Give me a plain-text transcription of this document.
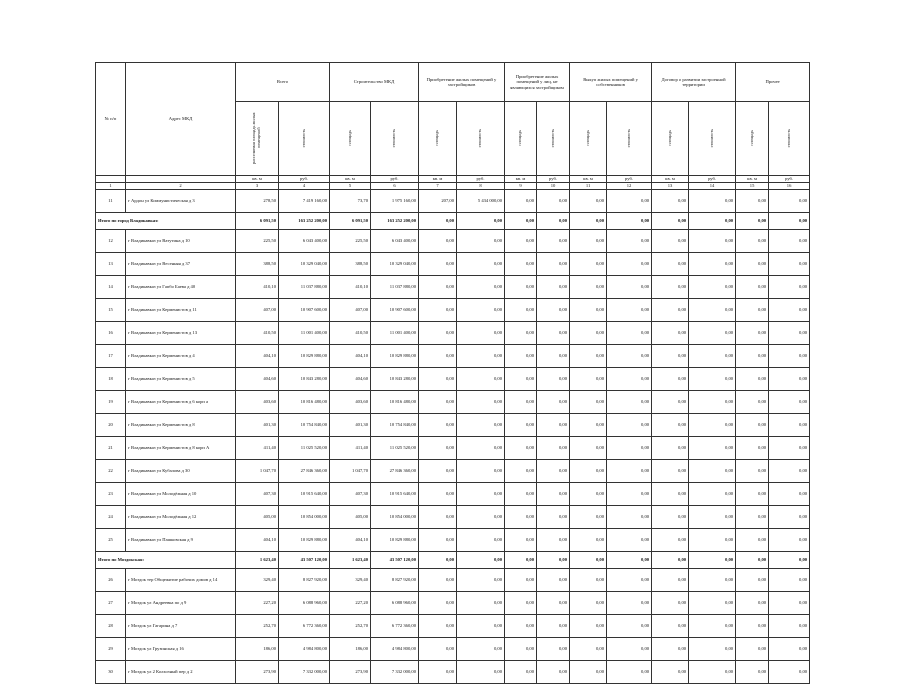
№ п/п	Адрес МКД	Всего		Строительство МКД		Приобретение жилых помещений у застройщиков		Приобретение жилых помещений у лиц, не являющихся застройщиком		Выкуп жилых помещений у собственников		Договор о развитии застроенной территории		Прочее	
		расселяемая площадь жилых помещений	стоимость	площадь	стоимость	площадь	стоимость	площадь	стоимость	площадь	стоимость	площадь	стоимость	площадь	стоимость
		кв. м	руб.	кв. м	руб.	кв. м	руб.	кв. м	руб.	кв. м	руб.	кв. м	руб.	кв. м	руб.
1	2	3	4	5	6	7	8	9	10	11	12	13	14	15	16
11	г Ардон ул Коммунистическая д 3	278,50	7 419 160,00	73,70	1 975 160,00	207,00	5 434 000,00	0,00	0,00	0,00	0,00	0,00	0,00	0,00	0,00
Итого по город Владикавказ:		6 091,50	163 252 200,00	6 091,50	163 252 200,00	0,00	0,00	0,00	0,00	0,00	0,00	0,00	0,00	0,00	0,00
12	г Владикавказ ул Ватутина д 10	225,50	6 043 400,00	225,50	6 043 400,00	0,00	0,00	0,00	0,00	0,00	0,00	0,00	0,00	0,00	0,00
13	г Владикавказ ул Весенняя д 37	388,50	10 329 040,00	388,50	10 329 040,00	0,00	0,00	0,00	0,00	0,00	0,00	0,00	0,00	0,00	0,00
14	г Владикавказ ул Гапбо Баева д 40	410,10	11 037 880,00	410,10	11 037 880,00	0,00	0,00	0,00	0,00	0,00	0,00	0,00	0,00	0,00	0,00
15	г Владикавказ ул Керменистов д 11	407,00	10 907 600,00	407,00	10 907 600,00	0,00	0,00	0,00	0,00	0,00	0,00	0,00	0,00	0,00	0,00
16	г Владикавказ ул Керменистов д 13	410,50	11 001 400,00	410,50	11 001 400,00	0,00	0,00	0,00	0,00	0,00	0,00	0,00	0,00	0,00	0,00
17	г Владикавказ ул Керменистов д 4	404,10	10 829 880,00	404,10	10 829 880,00	0,00	0,00	0,00	0,00	0,00	0,00	0,00	0,00	0,00	0,00
18	г Владикавказ ул Керменистов д 5	404,60	10 843 280,00	404,60	10 843 280,00	0,00	0,00	0,00	0,00	0,00	0,00	0,00	0,00	0,00	0,00
19	г Владикавказ ул Керменистов д 6 корп а	403,60	10 816 480,00	403,60	10 816 480,00	0,00	0,00	0,00	0,00	0,00	0,00	0,00	0,00	0,00	0,00
20	г Владикавказ ул Керменистов д 8	401,30	10 754 840,00	401,30	10 754 840,00	0,00	0,00	0,00	0,00	0,00	0,00	0,00	0,00	0,00	0,00
21	г Владикавказ ул Керменистов д 8 корп А	411,40	11 025 520,00	411,40	11 025 520,00	0,00	0,00	0,00	0,00	0,00	0,00	0,00	0,00	0,00	0,00
22	г Владикавказ ул Кубалова д 30	1 047,70	27 846 360,00	1 047,70	27 846 360,00	0,00	0,00	0,00	0,00	0,00	0,00	0,00	0,00	0,00	0,00
23	г Владикавказ ул Молодёжная д 10	407,30	10 915 640,00	407,30	10 915 640,00	0,00	0,00	0,00	0,00	0,00	0,00	0,00	0,00	0,00	0,00
24	г Владикавказ ул Молодёжная д 12	405,00	10 854 000,00	405,00	10 854 000,00	0,00	0,00	0,00	0,00	0,00	0,00	0,00	0,00	0,00	0,00
25	г Владикавказ ул Пашковская д 9	404,10	10 829 880,00	404,10	10 829 880,00	0,00	0,00	0,00	0,00	0,00	0,00	0,00	0,00	0,00	0,00
Итого по Моздокская:		1 623,40	43 507 120,00	1 623,40	43 507 120,00	0,00	0,00	0,00	0,00	0,00	0,00	0,00	0,00	0,00	0,00
26	г Моздок тер Общежитие рабочих домов д 14	329,40	8 827 920,00	329,40	8 827 920,00	0,00	0,00	0,00	0,00	0,00	0,00	0,00	0,00	0,00	0,00
27	г Моздок ул Андреевка по д 9	227,20	6 088 960,00	227,20	6 088 960,00	0,00	0,00	0,00	0,00	0,00	0,00	0,00	0,00	0,00	0,00
28	г Моздок ул Гагарина д 7	252,70	6 772 360,00	252,70	6 772 360,00	0,00	0,00	0,00	0,00	0,00	0,00	0,00	0,00	0,00	0,00
29	г Моздок ул Грузинская д 16	186,00	4 984 800,00	186,00	4 984 800,00	0,00	0,00	0,00	0,00	0,00	0,00	0,00	0,00	0,00	0,00
30	г Моздок ул 2 Колхозный пер д 2	273,90	7 332 000,00	273,90	7 332 000,00	0,00	0,00	0,00	0,00	0,00	0,00	0,00	0,00	0,00	0,00
